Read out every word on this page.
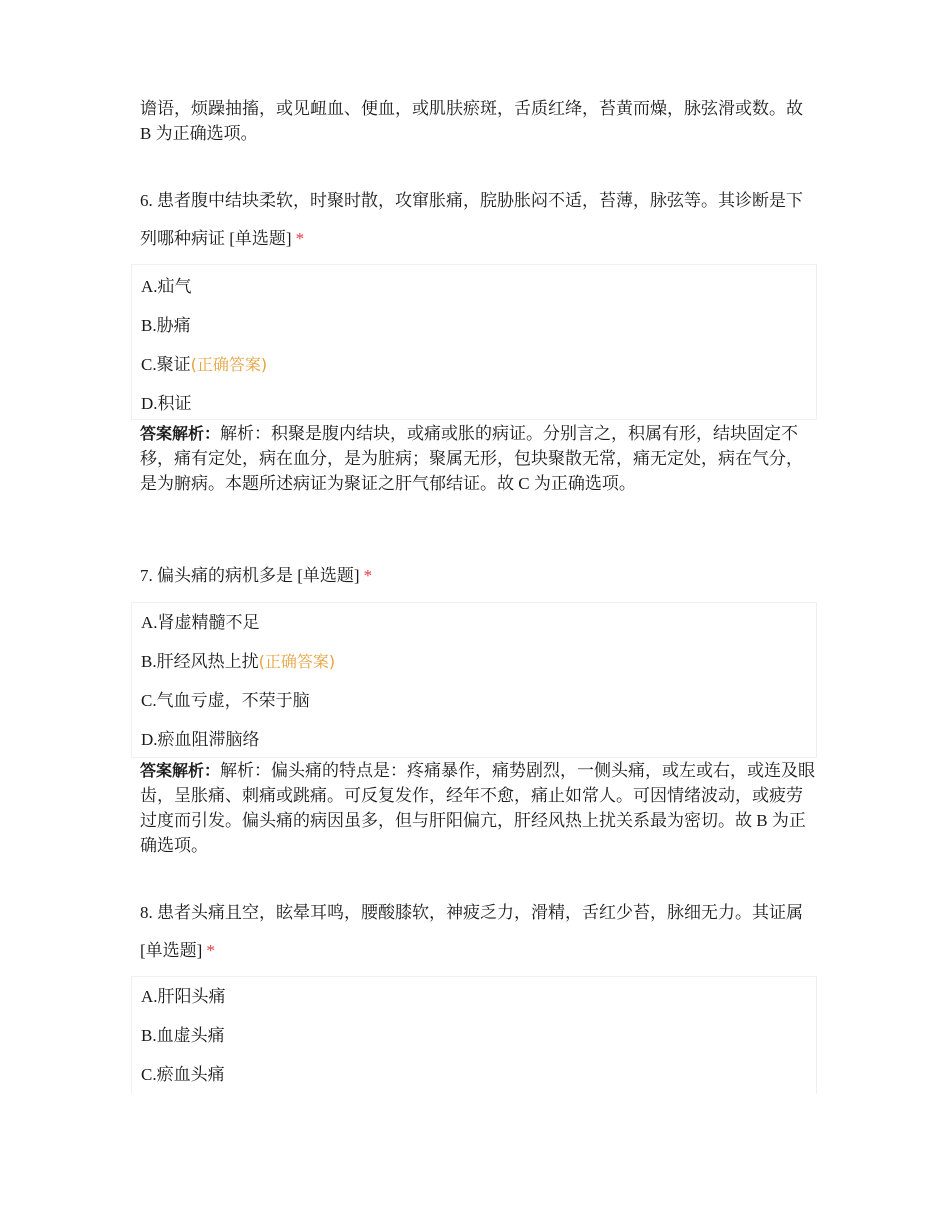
谵语，烦躁抽搐，或见衄血、便血，或肌肤瘀斑，舌质红绛，苔黄而燥，脉弦滑或数。故 B 为正确选项。
6. 患者腹中结块柔软，时聚时散，攻窜胀痛，脘胁胀闷不适，苔薄，脉弦等。其诊断是下列哪种病证 [单选题] *
A.疝气
B.胁痛
C.聚证(正确答案)
D.积证
答案解析：解析：积聚是腹内结块，或痛或胀的病证。分别言之，积属有形，结块固定不移，痛有定处，病在血分，是为脏病；聚属无形，包块聚散无常，痛无定处，病在气分，是为腑病。本题所述病证为聚证之肝气郁结证。故 C 为正确选项。
7. 偏头痛的病机多是 [单选题] *
A.肾虚精髓不足
B.肝经风热上扰(正确答案)
C.气血亏虚，不荣于脑
D.瘀血阻滞脑络
答案解析：解析：偏头痛的特点是：疼痛暴作，痛势剧烈，一侧头痛，或左或右，或连及眼齿，呈胀痛、刺痛或跳痛。可反复发作，经年不愈，痛止如常人。可因情绪波动，或疲劳过度而引发。偏头痛的病因虽多，但与肝阳偏亢，肝经风热上扰关系最为密切。故 B 为正确选项。
8. 患者头痛且空，眩晕耳鸣，腰酸膝软，神疲乏力，滑精，舌红少苔，脉细无力。其证属 [单选题] *
A.肝阳头痛
B.血虚头痛
C.瘀血头痛
